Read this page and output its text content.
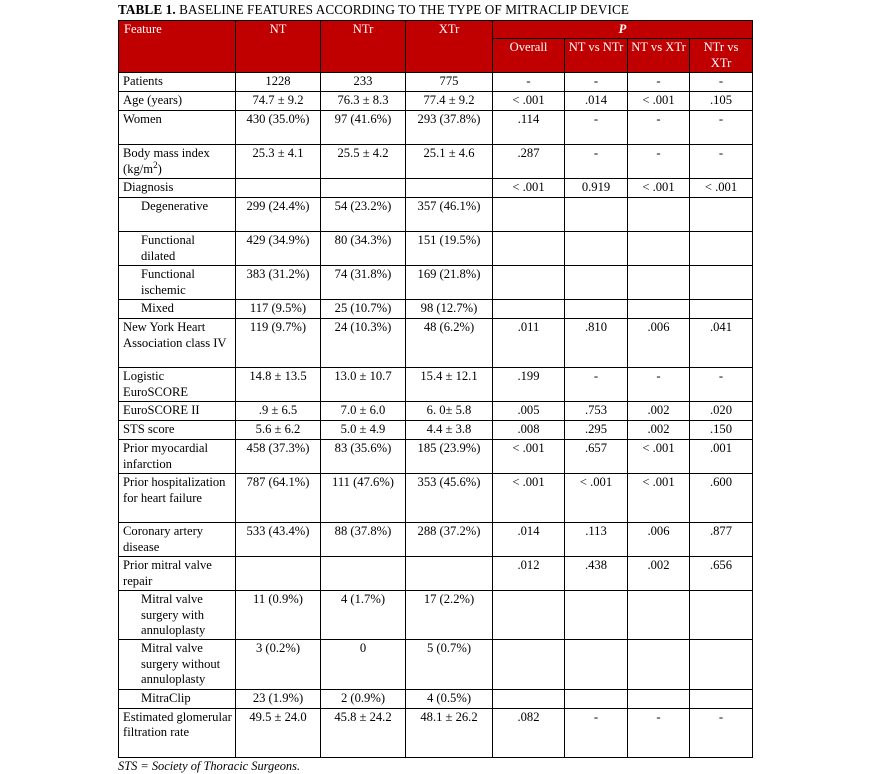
TABLE 1. BASELINE FEATURES ACCORDING TO THE TYPE OF MITRACLIP DEVICE
Feature	NT	NTr	XTr	P			
				Overall	NT vs NTr	NT vs XTr	NTr vs XTr
Patients	1228	233	775	-	-	-	-
Age (years)	74.7 ± 9.2	76.3 ± 8.3	77.4 ± 9.2	< .001	.014	< .001	.105
Women	430 (35.0%)	97 (41.6%)	293 (37.8%)	.114	-	-	-
Body mass index $(kg/m^2)$	25.3 ± 4.1	25.5 ± 4.2	25.1 ± 4.6	.287	-	-	-
Diagnosis				< .001	0.919	< .001	< .001
Degenerative	299 (24.4%)	54 (23.2%)	357 (46.1%)				
Functional dilated	429 (34.9%)	80 (34.3%)	151 (19.5%)				
Functional ischemic	383 (31.2%)	74 (31.8%)	169 (21.8%)				
Mixed	117 (9.5%)	25 (10.7%)	98 (12.7%)				
New York Heart Association class IV	119 (9.7%)	24 (10.3%)	48 (6.2%)	.011	.810	.006	.041
Logistic EuroSCORE	14.8 ± 13.5	13.0 ± 10.7	15.4 ± 12.1	.199	-	-	-
EuroSCORE II	.9 ± 6.5	7.0 ± 6.0	6. 0± 5.8	.005	.753	.002	.020
STS score	5.6 ± 6.2	5.0 ± 4.9	4.4 ± 3.8	.008	.295	.002	.150
Prior myocardial infarction	458 (37.3%)	83 (35.6%)	185 (23.9%)	< .001	.657	< .001	.001
Prior hospitalization for heart failure	787 (64.1%)	111 (47.6%)	353 (45.6%)	< .001	< .001	< .001	.600
Coronary artery disease	533 (43.4%)	88 (37.8%)	288 (37.2%)	.014	.113	.006	.877
Prior mitral valve repair				.012	.438	.002	.656
Mitral valve surgery with annuloplasty	11 (0.9%)	4 (1.7%)	17 (2.2%)				
Mitral valve surgery without annuloplasty	3 (0.2%)	0	5 (0.7%)				
MitraClip	23 (1.9%)	2 (0.9%)	4 (0.5%)				
Estimated glomerular filtration rate	49.5 ± 24.0	45.8 ± 24.2	48.1 ± 26.2	.082	-	-	-
STS = Society of Thoracic Surgeons.
